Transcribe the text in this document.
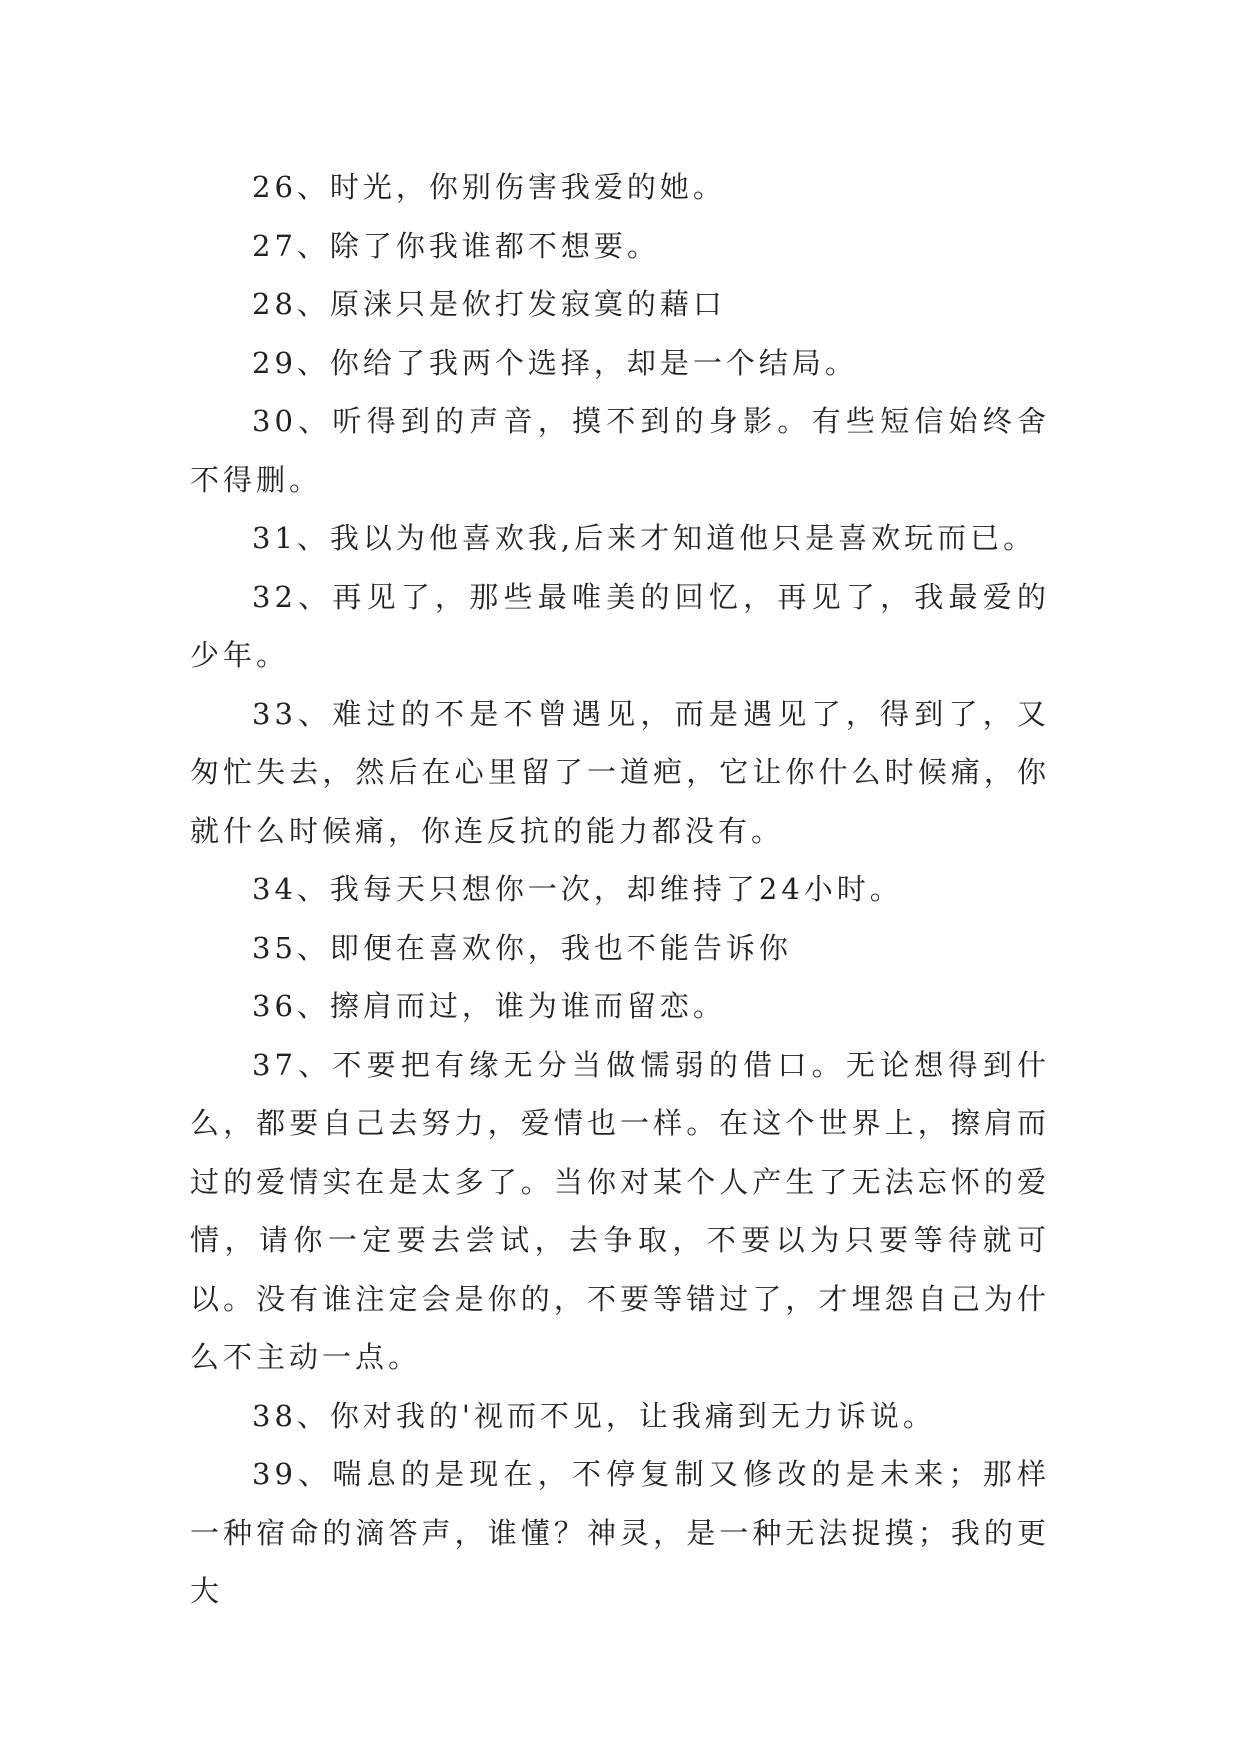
26、时光，你别伤害我爱的她。

27、除了你我谁都不想要。

28、原涞只是佽打发寂寞的藉口

29、你给了我两个选择，却是一个结局。

30、听得到的声音，摸不到的身影。有些短信始终舍不得删。

31、我以为他喜欢我,后来才知道他只是喜欢玩而已。

32、再见了，那些最唯美的回忆，再见了，我最爱的少年。

33、难过的不是不曾遇见，而是遇见了，得到了，又匆忙失去，然后在心里留了一道疤，它让你什么时候痛，你就什么时候痛，你连反抗的能力都没有。

34、我每天只想你一次，却维持了24小时。

35、即便在喜欢你，我也不能告诉你

36、擦肩而过，谁为谁而留恋。

37、不要把有缘无分当做懦弱的借口。无论想得到什么，都要自己去努力，爱情也一样。在这个世界上，擦肩而过的爱情实在是太多了。当你对某个人产生了无法忘怀的爱情，请你一定要去尝试，去争取，不要以为只要等待就可以。没有谁注定会是你的，不要等错过了，才埋怨自己为什么不主动一点。

38、你对我的'视而不见，让我痛到无力诉说。

39、喘息的是现在，不停复制又修改的是未来；那样一种宿命的滴答声，谁懂？神灵，是一种无法捉摸；我的更大
